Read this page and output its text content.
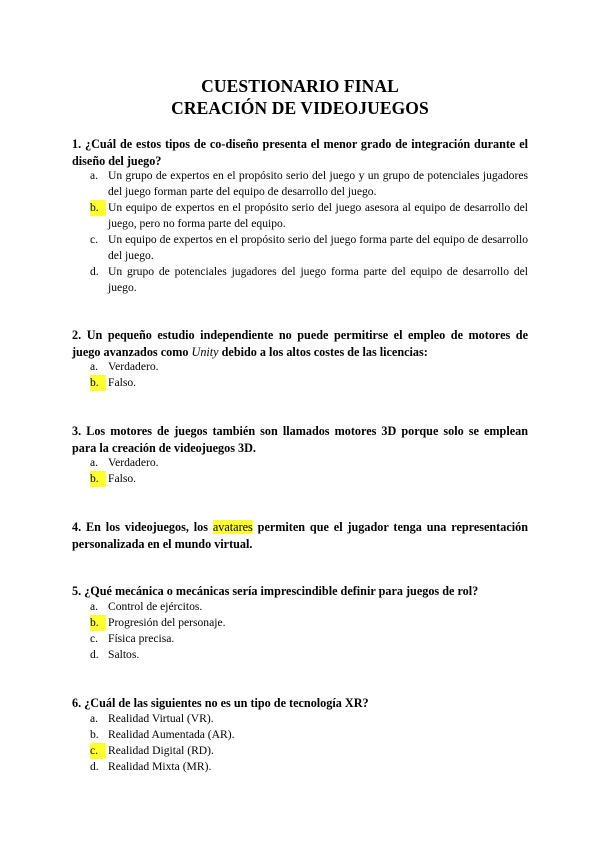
CUESTIONARIO FINAL
CREACIÓN DE VIDEOJUEGOS
1. ¿Cuál de estos tipos de co-diseño presenta el menor grado de integración durante el diseño del juego?
a. Un grupo de expertos en el propósito serio del juego y un grupo de potenciales jugadores del juego forman parte del equipo de desarrollo del juego.
b. Un equipo de expertos en el propósito serio del juego asesora al equipo de desarrollo del juego, pero no forma parte del equipo.
c. Un equipo de expertos en el propósito serio del juego forma parte del equipo de desarrollo del juego.
d. Un grupo de potenciales jugadores del juego forma parte del equipo de desarrollo del juego.
2. Un pequeño estudio independiente no puede permitirse el empleo de motores de juego avanzados como Unity debido a los altos costes de las licencias:
a. Verdadero.
b. Falso.
3. Los motores de juegos también son llamados motores 3D porque solo se emplean para la creación de videojuegos 3D.
a. Verdadero.
b. Falso.
4. En los videojuegos, los avatares permiten que el jugador tenga una representación personalizada en el mundo virtual.
5. ¿Qué mecánica o mecánicas sería imprescindible definir para juegos de rol?
a. Control de ejércitos.
b. Progresión del personaje.
c. Física precisa.
d. Saltos.
6. ¿Cuál de las siguientes no es un tipo de tecnología XR?
a. Realidad Virtual (VR).
b. Realidad Aumentada (AR).
c. Realidad Digital (RD).
d. Realidad Mixta (MR).
